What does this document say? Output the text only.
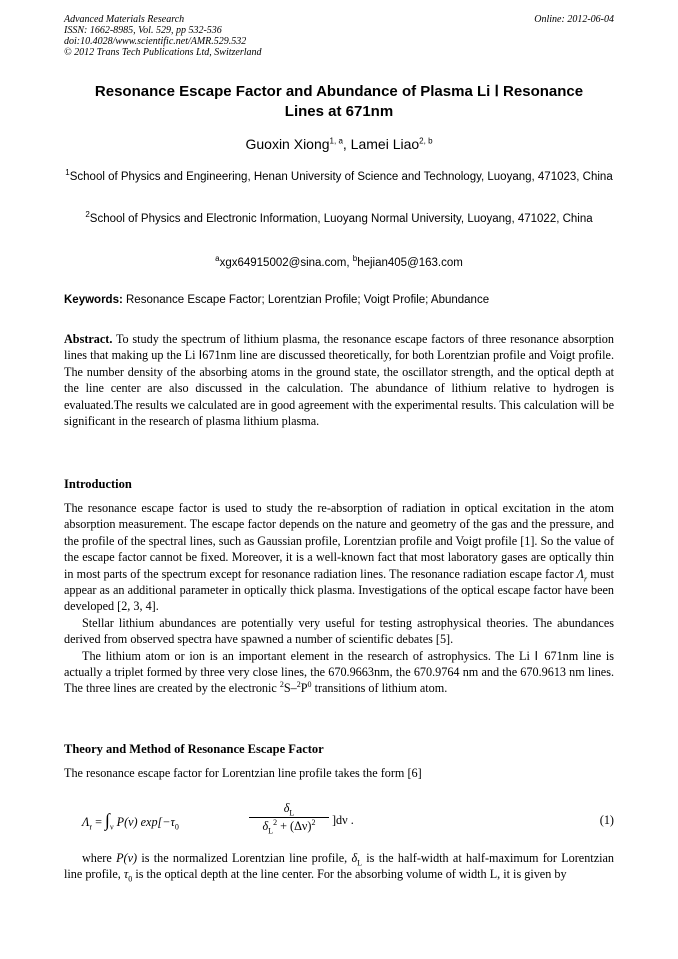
Advanced Materials Research
ISSN: 1662-8985, Vol. 529, pp 532-536
doi:10.4028/www.scientific.net/AMR.529.532
© 2012 Trans Tech Publications Ltd, Switzerland
Online: 2012-06-04
Resonance Escape Factor and Abundance of Plasma Li Ⅰ Resonance
Lines at 671nm
Guoxin Xiong$^{1, a}$, Lamei Liao$^{2, b}$
$^1$School of Physics and Engineering, Henan University of Science and Technology, Luoyang, 471023, China
$^2$School of Physics and Electronic Information, Luoyang Normal University, Luoyang, 471022, China
$^a$xgx64915002@sina.com, $^b$hejian405@163.com
Keywords: Resonance Escape Factor; Lorentzian Profile; Voigt Profile; Abundance
Abstract. To study the spectrum of lithium plasma, the resonance escape factors of three resonance absorption lines that making up the Li Ⅰ671nm line are discussed theoretically, for both Lorentzian profile and Voigt profile. The number density of the absorbing atoms in the ground state, the oscillator strength, and the optical depth at the line center are also discussed in the calculation. The abundance of lithium relative to hydrogen is evaluated.The results we calculated are in good agreement with the experimental results. This calculation will be significant in the research of plasma lithium plasma.
Introduction
The resonance escape factor is used to study the re-absorption of radiation in optical excitation in the atom absorption measurement. The escape factor depends on the nature and geometry of the gas and the pressure, and the profile of the spectral lines, such as Gaussian profile, Lorentzian profile and Voigt profile [1]. So the value of the escape factor cannot be fixed. Moreover, it is a well-known fact that most laboratory gases are optically thin in most parts of the spectrum except for resonance radiation lines. The resonance radiation escape factor $\Lambda_r$ must appear as an additional parameter in optically thick plasma. Investigations of the optical escape factor have been developed [2, 3, 4].
Stellar lithium abundances are potentially very useful for testing astrophysical theories. The abundances derived from observed spectra have spawned a number of scientific debates [5].
The lithium atom or ion is an important element in the research of astrophysics. The Li Ⅰ 671nm line is actually a triplet formed by three very close lines, the 670.9663nm, the 670.9764 nm and the 670.9613 nm lines. The three lines are created by the electronic $^2S-^2P^0$ transitions of lithium atom.
Theory and Method of Resonance Escape Factor
The resonance escape factor for Lorentzian line profile takes the form [6]
$\Lambda_r = \int_\nu$ P(ν) $\exp[-\tau_0$	$\frac{\delta_L}{\delta_L^2 + (\Delta\nu)^2} ]d\nu$ .	(1)
where P(ν) is the normalized Lorentzian line profile, $\delta_L$ is the half-width at half-maximum for Lorentzian line profile, $\tau_0$ is the optical depth at the line center. For the absorbing volume of width L, it is given by
